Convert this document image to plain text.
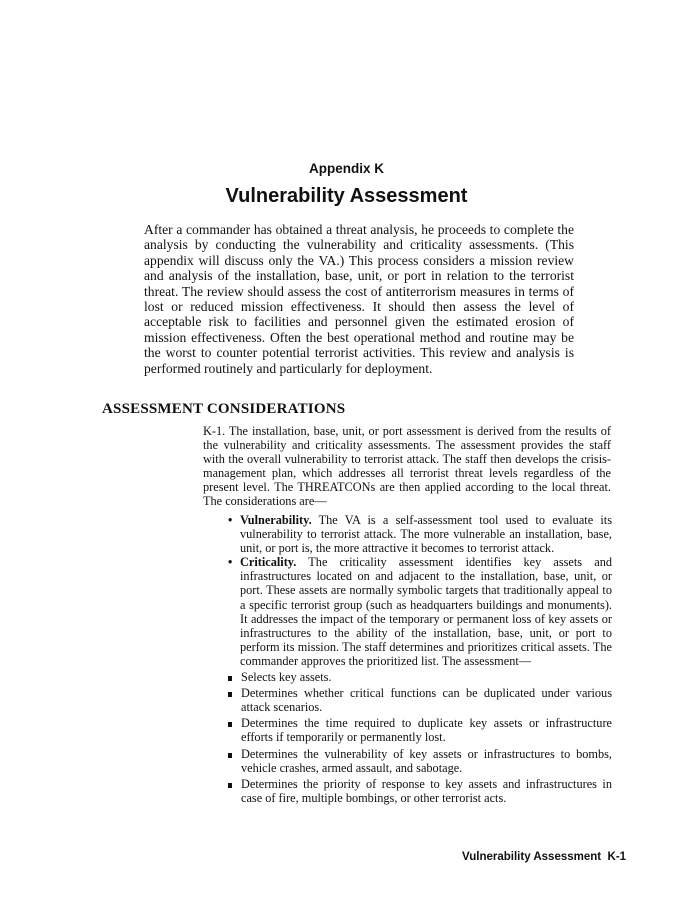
Appendix K
Vulnerability Assessment

After a commander has obtained a threat analysis, he proceeds to complete the analysis by conducting the vulnerability and criticality assessments. (This appendix will discuss only the VA.) This process considers a mission review and analysis of the installation, base, unit, or port in relation to the terrorist threat. The review should assess the cost of antiterrorism measures in terms of lost or reduced mission effectiveness. It should then assess the level of acceptable risk to facilities and personnel given the estimated erosion of mission effectiveness. Often the best operational method and routine may be the worst to counter potential terrorist activities. This review and analysis is performed routinely and particularly for deployment.

ASSESSMENT CONSIDERATIONS

K-1. The installation, base, unit, or port assessment is derived from the results of the vulnerability and criticality assessments. The assessment provides the staff with the overall vulnerability to terrorist attack. The staff then develops the crisis-management plan, which addresses all terrorist threat levels regardless of the present level. The THREATCONs are then applied according to the local threat. The considerations are—

• Vulnerability. The VA is a self-assessment tool used to evaluate its vulnerability to terrorist attack. The more vulnerable an installation, base, unit, or port is, the more attractive it becomes to terrorist attack.
• Criticality. The criticality assessment identifies key assets and infrastructures located on and adjacent to the installation, base, unit, or port. These assets are normally symbolic targets that traditionally appeal to a specific terrorist group (such as headquarters buildings and monuments). It addresses the impact of the temporary or permanent loss of key assets or infrastructures to the ability of the installation, base, unit, or port to perform its mission. The staff determines and prioritizes critical assets. The commander approves the prioritized list. The assessment—
Selects key assets.
Determines whether critical functions can be duplicated under various attack scenarios.
Determines the time required to duplicate key assets or infrastructure efforts if temporarily or permanently lost.
Determines the vulnerability of key assets or infrastructures to bombs, vehicle crashes, armed assault, and sabotage.
Determines the priority of response to key assets and infrastructures in case of fire, multiple bombings, or other terrorist acts.
Vulnerability Assessment K-1
